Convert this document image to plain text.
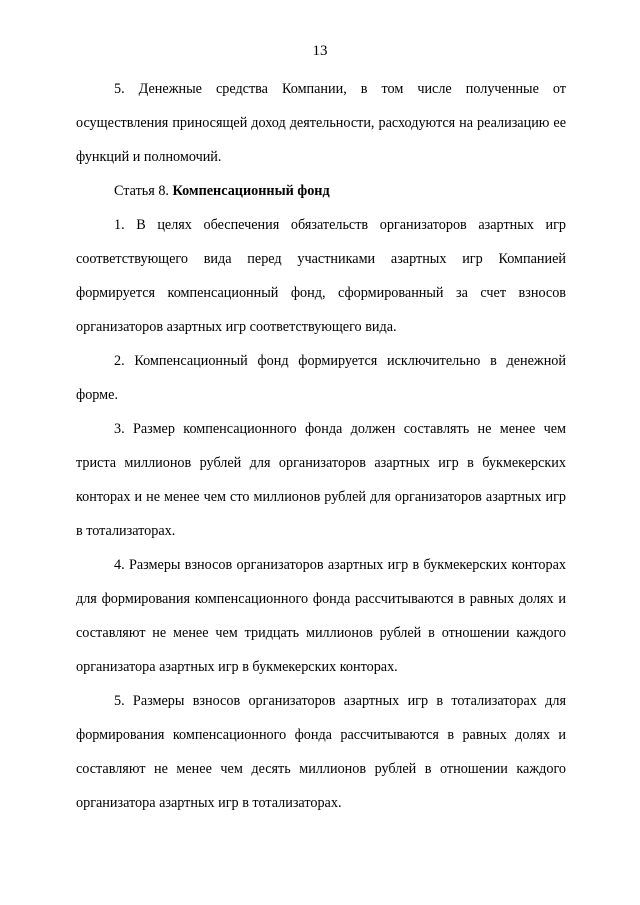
13

5. Денежные средства Компании, в том числе полученные от осуществления приносящей доход деятельности, расходуются на реализацию ее функций и полномочий.

Статья 8. Компенсационный фонд

1. В целях обеспечения обязательств организаторов азартных игр соответствующего вида перед участниками азартных игр Компанией формируется компенсационный фонд, сформированный за счет взносов организаторов азартных игр соответствующего вида.

2. Компенсационный фонд формируется исключительно в денежной форме.

3. Размер компенсационного фонда должен составлять не менее чем триста миллионов рублей для организаторов азартных игр в букмекерских конторах и не менее чем сто миллионов рублей для организаторов азартных игр в тотализаторах.

4. Размеры взносов организаторов азартных игр в букмекерских конторах для формирования компенсационного фонда рассчитываются в равных долях и составляют не менее чем тридцать миллионов рублей в отношении каждого организатора азартных игр в букмекерских конторах.

5. Размеры взносов организаторов азартных игр в тотализаторах для формирования компенсационного фонда рассчитываются в равных долях и составляют не менее чем десять миллионов рублей в отношении каждого организатора азартных игр в тотализаторах.
